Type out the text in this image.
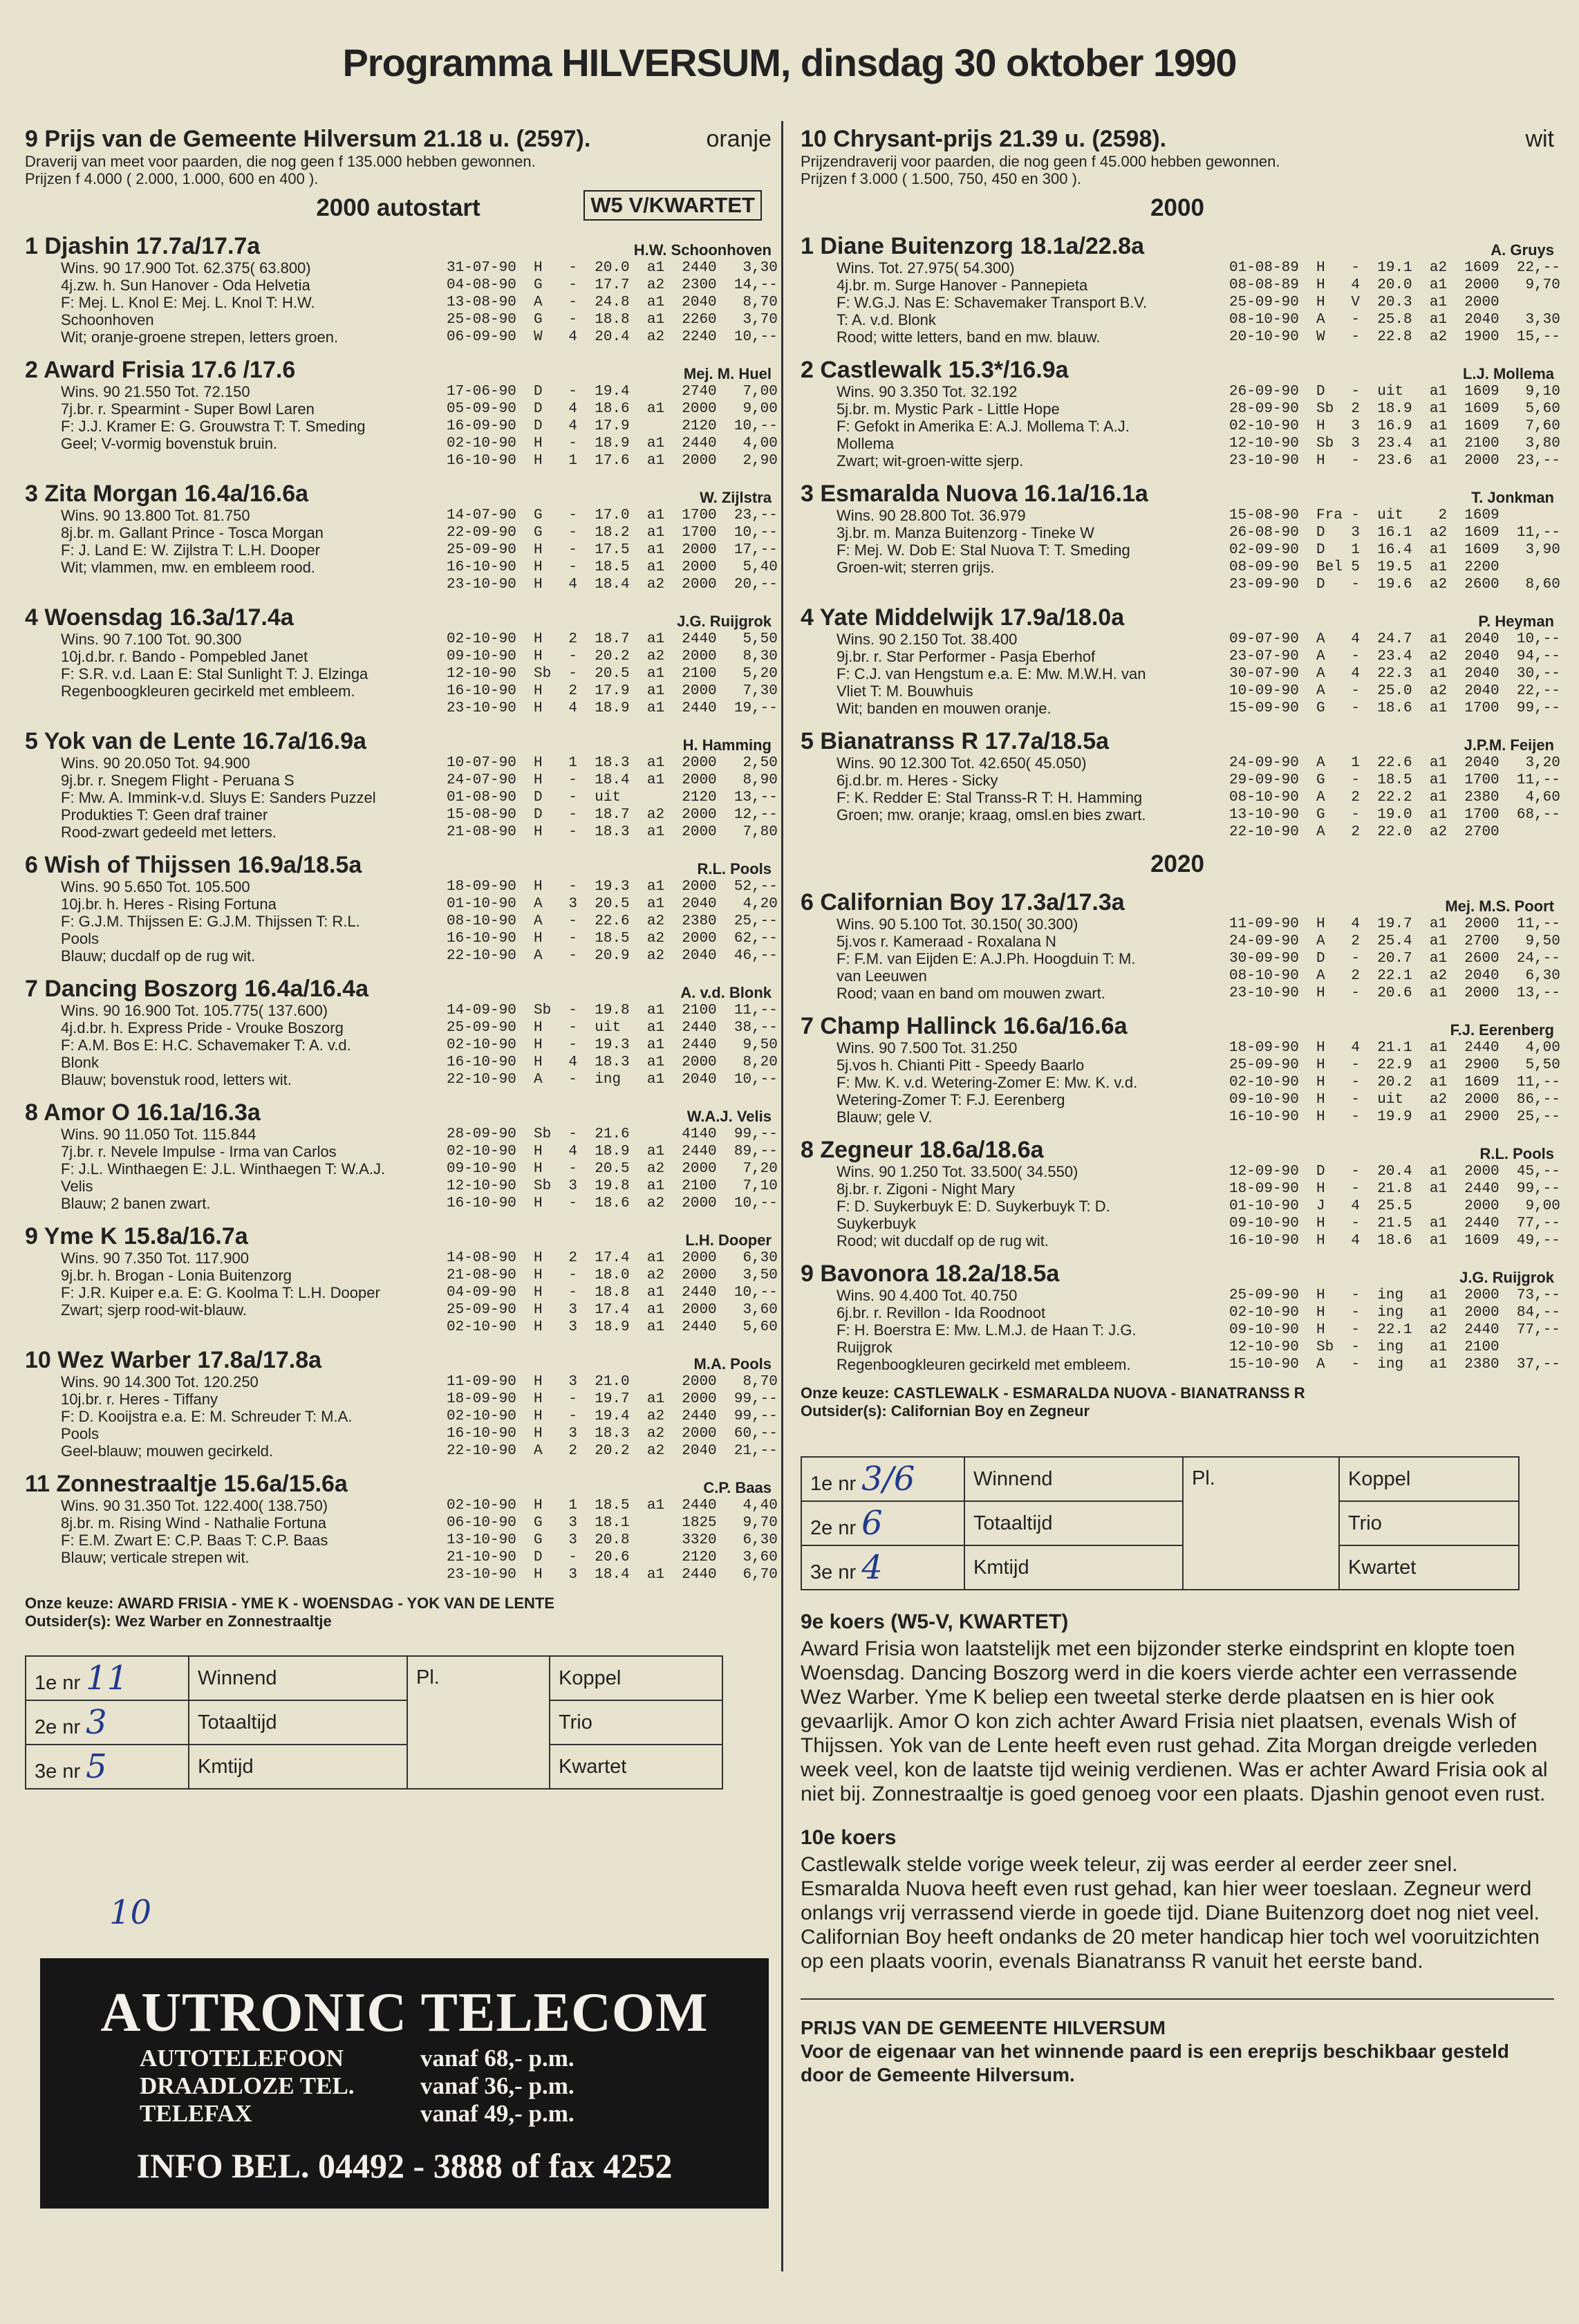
Programma HILVERSUM, dinsdag 30 oktober 1990
9 Prijs van de Gemeente Hilversum 21.18 u. (2597).	oranje
Draverij van meet voor paarden, die nog geen f 135.000 hebben gewonnen.
Prijzen f 4.000 ( 2.000, 1.000, 600 en 400 ).
2000 autostart	W5 V/KWARTET
1 Djashin 17.7a/17.7a	H.W. Schoonhoven
Wins. 90 17.900 Tot. 62.375( 63.800)
4j.zw. h. Sun Hanover - Oda Helvetia
F: Mej. L. Knol E: Mej. L. Knol T: H.W.
Schoonhoven
Wit; oranje-groene strepen, letters groen.
31-07-90  H   -  20.0  a1  2440   3,30
04-08-90  G   -  17.7  a2  2300  14,--
13-08-90  A   -  24.8  a1  2040   8,70
25-08-90  G   -  18.8  a1  2260   3,70
06-09-90  W   4  20.4  a2  2240  10,--
2 Award Frisia 17.6 /17.6	Mej. M. Huel
Wins. 90 21.550 Tot. 72.150
7j.br. r. Spearmint - Super Bowl Laren
F: J.J. Kramer E: G. Grouwstra T: T. Smeding
Geel; V-vormig bovenstuk bruin.
17-06-90  D   -  19.4      2740   7,00
05-09-90  D   4  18.6  a1  2000   9,00
16-09-90  D   4  17.9      2120  10,--
02-10-90  H   -  18.9  a1  2440   4,00
16-10-90  H   1  17.6  a1  2000   2,90
3 Zita Morgan 16.4a/16.6a	W. Zijlstra
Wins. 90 13.800 Tot. 81.750
8j.br. m. Gallant Prince - Tosca Morgan
F: J. Land E: W. Zijlstra T: L.H. Dooper
Wit; vlammen, mw. en embleem rood.
14-07-90  G   -  17.0  a1  1700  23,--
22-09-90  G   -  18.2  a1  1700  10,--
25-09-90  H   -  17.5  a1  2000  17,--
16-10-90  H   -  18.5  a1  2000   5,40
23-10-90  H   4  18.4  a2  2000  20,--
4 Woensdag 16.3a/17.4a	J.G. Ruijgrok
Wins. 90 7.100 Tot. 90.300
10j.d.br. r. Bando - Pompebled Janet
F: S.R. v.d. Laan E: Stal Sunlight T: J. Elzinga
Regenboogkleuren gecirkeld met embleem.
02-10-90  H   2  18.7  a1  2440   5,50
09-10-90  H   -  20.2  a2  2000   8,30
12-10-90  Sb  -  20.5  a1  2100   5,20
16-10-90  H   2  17.9  a1  2000   7,30
23-10-90  H   4  18.9  a1  2440  19,--
5 Yok van de Lente 16.7a/16.9a	H. Hamming
Wins. 90 20.050 Tot. 94.900
9j.br. r. Snegem Flight - Peruana S
F: Mw. A. Immink-v.d. Sluys E: Sanders Puzzel
Produkties T: Geen draf trainer
Rood-zwart gedeeld met letters.
10-07-90  H   1  18.3  a1  2000   2,50
24-07-90  H   -  18.4  a1  2000   8,90
01-08-90  D   -  uit       2120  13,--
15-08-90  D   -  18.7  a2  2000  12,--
21-08-90  H   -  18.3  a1  2000   7,80
6 Wish of Thijssen 16.9a/18.5a	R.L. Pools
Wins. 90 5.650 Tot. 105.500
10j.br. h. Heres - Rising Fortuna
F: G.J.M. Thijssen E: G.J.M. Thijssen T: R.L.
Pools
Blauw; ducdalf op de rug wit.
18-09-90  H   -  19.3  a1  2000  52,--
01-10-90  A   3  20.5  a1  2040   4,20
08-10-90  A   -  22.6  a2  2380  25,--
16-10-90  H   -  18.5  a2  2000  62,--
22-10-90  A   -  20.9  a2  2040  46,--
7 Dancing Boszorg 16.4a/16.4a	A. v.d. Blonk
Wins. 90 16.900 Tot. 105.775( 137.600)
4j.d.br. h. Express Pride - Vrouke Boszorg
F: A.M. Bos E: H.C. Schavemaker T: A. v.d.
Blonk
Blauw; bovenstuk rood, letters wit.
14-09-90  Sb  -  19.8  a1  2100  11,--
25-09-90  H   -  uit   a1  2440  38,--
02-10-90  H   -  19.3  a1  2440   9,50
16-10-90  H   4  18.3  a1  2000   8,20
22-10-90  A   -  ing   a1  2040  10,--
8 Amor O 16.1a/16.3a	W.A.J. Velis
Wins. 90 11.050 Tot. 115.844
7j.br. r. Nevele Impulse - Irma van Carlos
F: J.L. Winthaegen E: J.L. Winthaegen T: W.A.J.
Velis
Blauw; 2 banen zwart.
28-09-90  Sb  -  21.6      4140  99,--
02-10-90  H   4  18.9  a1  2440  89,--
09-10-90  H   -  20.5  a2  2000   7,20
12-10-90  Sb  3  19.8  a1  2100   7,10
16-10-90  H   -  18.6  a2  2000  10,--
9 Yme K 15.8a/16.7a	L.H. Dooper
Wins. 90 7.350 Tot. 117.900
9j.br. h. Brogan - Lonia Buitenzorg
F: J.R. Kuiper e.a. E: G. Koolma T: L.H. Dooper
Zwart; sjerp rood-wit-blauw.
14-08-90  H   2  17.4  a1  2000   6,30
21-08-90  H   -  18.0  a2  2000   3,50
04-09-90  H   -  18.8  a1  2440  10,--
25-09-90  H   3  17.4  a1  2000   3,60
02-10-90  H   3  18.9  a1  2440   5,60
10 Wez Warber 17.8a/17.8a	M.A. Pools
Wins. 90 14.300 Tot. 120.250
10j.br. r. Heres - Tiffany
F: D. Kooijstra e.a. E: M. Schreuder T: M.A.
Pools
Geel-blauw; mouwen gecirkeld.
11-09-90  H   3  21.0      2000   8,70
18-09-90  H   -  19.7  a1  2000  99,--
02-10-90  H   -  19.4  a2  2440  99,--
16-10-90  H   3  18.3  a2  2000  60,--
22-10-90  A   2  20.2  a2  2040  21,--
11 Zonnestraaltje 15.6a/15.6a	C.P. Baas
Wins. 90 31.350 Tot. 122.400( 138.750)
8j.br. m. Rising Wind - Nathalie Fortuna
F: E.M. Zwart E: C.P. Baas T: C.P. Baas
Blauw; verticale strepen wit.
02-10-90  H   1  18.5  a1  2440   4,40
06-10-90  G   3  18.1      1825   9,70
13-10-90  G   3  20.8      3320   6,30
21-10-90  D   -  20.6      2120   3,60
23-10-90  H   3  18.4  a1  2440   6,70
Onze keuze: AWARD FRISIA - YME K - WOENSDAG - YOK VAN DE LENTE
Outsider(s): Wez Warber en Zonnestraaltje
1e nr 11	Winnend	Pl.	Koppel
2e nr 3	Totaaltijd		Trio
3e nr 5	Kmtijd		Kwartet
10
AUTRONIC TELECOM
AUTOTELEFOON	vanaf 68,- p.m.
DRAADLOZE TEL.	vanaf 36,- p.m.
TELEFAX	vanaf 49,- p.m.
INFO BEL. 04492 - 3888 of fax 4252
10 Chrysant-prijs 21.39 u. (2598).	wit
Prijzendraverij voor paarden, die nog geen f 45.000 hebben gewonnen.
Prijzen f 3.000 ( 1.500, 750, 450 en 300 ).
2000
1 Diane Buitenzorg 18.1a/22.8a	A. Gruys
Wins. Tot. 27.975( 54.300)
4j.br. m. Surge Hanover - Pannepieta
F: W.G.J. Nas E: Schavemaker Transport B.V.
T: A. v.d. Blonk
Rood; witte letters, band en mw. blauw.
01-08-89  H   -  19.1  a2  1609  22,--
08-08-89  H   4  20.0  a1  2000   9,70
25-09-90  H   V  20.3  a1  2000
08-10-90  A   -  25.8  a1  2040   3,30
20-10-90  W   -  22.8  a2  1900  15,--
2 Castlewalk 15.3*/16.9a	L.J. Mollema
Wins. 90 3.350 Tot. 32.192
5j.br. m. Mystic Park - Little Hope
F: Gefokt in Amerika E: A.J. Mollema T: A.J.
Mollema
Zwart; wit-groen-witte sjerp.
26-09-90  D   -  uit   a1  1609   9,10
28-09-90  Sb  2  18.9  a1  1609   5,60
02-10-90  H   3  16.9  a1  1609   7,60
12-10-90  Sb  3  23.4  a1  2100   3,80
23-10-90  H   -  23.6  a1  2000  23,--
3 Esmaralda Nuova 16.1a/16.1a	T. Jonkman
Wins. 90 28.800 Tot. 36.979
3j.br. m. Manza Buitenzorg - Tineke W
F: Mej. W. Dob E: Stal Nuova T: T. Smeding
Groen-wit; sterren grijs.
15-08-90  Fra -  uit    2  1609
26-08-90  D   3  16.1  a2  1609  11,--
02-09-90  D   1  16.4  a1  1609   3,90
08-09-90  Bel 5  19.5  a1  2200
23-09-90  D   -  19.6  a2  2600   8,60
4 Yate Middelwijk 17.9a/18.0a	P. Heyman
Wins. 90 2.150 Tot. 38.400
9j.br. r. Star Performer - Pasja Eberhof
F: C.J. van Hengstum e.a. E: Mw. M.W.H. van
Vliet T: M. Bouwhuis
Wit; banden en mouwen oranje.
09-07-90  A   4  24.7  a1  2040  10,--
23-07-90  A   -  23.4  a2  2040  94,--
30-07-90  A   4  22.3  a1  2040  30,--
10-09-90  A   -  25.0  a2  2040  22,--
15-09-90  G   -  18.6  a1  1700  99,--
5 Bianatranss R 17.7a/18.5a	J.P.M. Feijen
Wins. 90 12.300 Tot. 42.650( 45.050)
6j.d.br. m. Heres - Sicky
F: K. Redder E: Stal Transs-R T: H. Hamming
Groen; mw. oranje; kraag, omsl.en bies zwart.
24-09-90  A   1  22.6  a1  2040   3,20
29-09-90  G   -  18.5  a1  1700  11,--
08-10-90  A   2  22.2  a1  2380   4,60
13-10-90  G   -  19.0  a1  1700  68,--
22-10-90  A   2  22.0  a2  2700
2020
6 Californian Boy 17.3a/17.3a	Mej. M.S. Poort
Wins. 90 5.100 Tot. 30.150( 30.300)
5j.vos r. Kameraad - Roxalana N
F: F.M. van Eijden E: A.J.Ph. Hoogduin T: M.
van Leeuwen
Rood; vaan en band om mouwen zwart.
11-09-90  H   4  19.7  a1  2000  11,--
24-09-90  A   2  25.4  a1  2700   9,50
30-09-90  D   -  20.7  a1  2600  24,--
08-10-90  A   2  22.1  a2  2040   6,30
23-10-90  H   -  20.6  a1  2000  13,--
7 Champ Hallinck 16.6a/16.6a	F.J. Eerenberg
Wins. 90 7.500 Tot. 31.250
5j.vos h. Chianti Pitt - Speedy Baarlo
F: Mw. K. v.d. Wetering-Zomer E: Mw. K. v.d.
Wetering-Zomer T: F.J. Eerenberg
Blauw; gele V.
18-09-90  H   4  21.1  a1  2440   4,00
25-09-90  H   -  22.9  a1  2900   5,50
02-10-90  H   -  20.2  a1  1609  11,--
09-10-90  H   -  uit   a2  2000  86,--
16-10-90  H   -  19.9  a1  2900  25,--
8 Zegneur 18.6a/18.6a	R.L. Pools
Wins. 90 1.250 Tot. 33.500( 34.550)
8j.br. r. Zigoni - Night Mary
F: D. Suykerbuyk E: D. Suykerbuyk T: D.
Suykerbuyk
Rood; wit ducdalf op de rug wit.
12-09-90  D   -  20.4  a1  2000  45,--
18-09-90  H   -  21.8  a1  2440  99,--
01-10-90  J   4  25.5      2000   9,00
09-10-90  H   -  21.5  a1  2440  77,--
16-10-90  H   4  18.6  a1  1609  49,--
9 Bavonora 18.2a/18.5a	J.G. Ruijgrok
Wins. 90 4.400 Tot. 40.750
6j.br. r. Revillon - Ida Roodnoot
F: H. Boerstra E: Mw. L.M.J. de Haan T: J.G.
Ruijgrok
Regenboogkleuren gecirkeld met embleem.
25-09-90  H   -  ing   a1  2000  73,--
02-10-90  H   -  ing   a1  2000  84,--
09-10-90  H   -  22.1  a2  2440  77,--
12-10-90  Sb  -  ing   a1  2100
15-10-90  A   -  ing   a1  2380  37,--
Onze keuze: CASTLEWALK - ESMARALDA NUOVA - BIANATRANSS R
Outsider(s): Californian Boy en Zegneur
1e nr 3/6	Winnend	Pl.	Koppel
2e nr 6	Totaaltijd		Trio
3e nr 4	Kmtijd		Kwartet
9e koers (W5-V, KWARTET)
Award Frisia won laatstelijk met een bijzonder sterke eindsprint en klopte toen Woensdag. Dancing Boszorg werd in die koers vierde achter een verrassende Wez Warber. Yme K beliep een tweetal sterke derde plaatsen en is hier ook gevaarlijk. Amor O kon zich achter Award Frisia niet plaatsen, evenals Wish of Thijssen. Yok van de Lente heeft even rust gehad. Zita Morgan dreigde verleden week veel, kon de laatste tijd weinig verdienen. Was er achter Award Frisia ook al niet bij. Zonnestraaltje is goed genoeg voor een plaats. Djashin genoot even rust.
10e koers
Castlewalk stelde vorige week teleur, zij was eerder al eerder zeer snel. Esmaralda Nuova heeft even rust gehad, kan hier weer toeslaan. Zegneur werd onlangs vrij verrassend vierde in goede tijd. Diane Buitenzorg doet nog niet veel. Californian Boy heeft ondanks de 20 meter handicap hier toch wel vooruitzichten op een plaats voorin, evenals Bianatranss R vanuit het eerste band.
PRIJS VAN DE GEMEENTE HILVERSUM
Voor de eigenaar van het winnende paard is een ereprijs beschikbaar gesteld door de Gemeente Hilversum.
